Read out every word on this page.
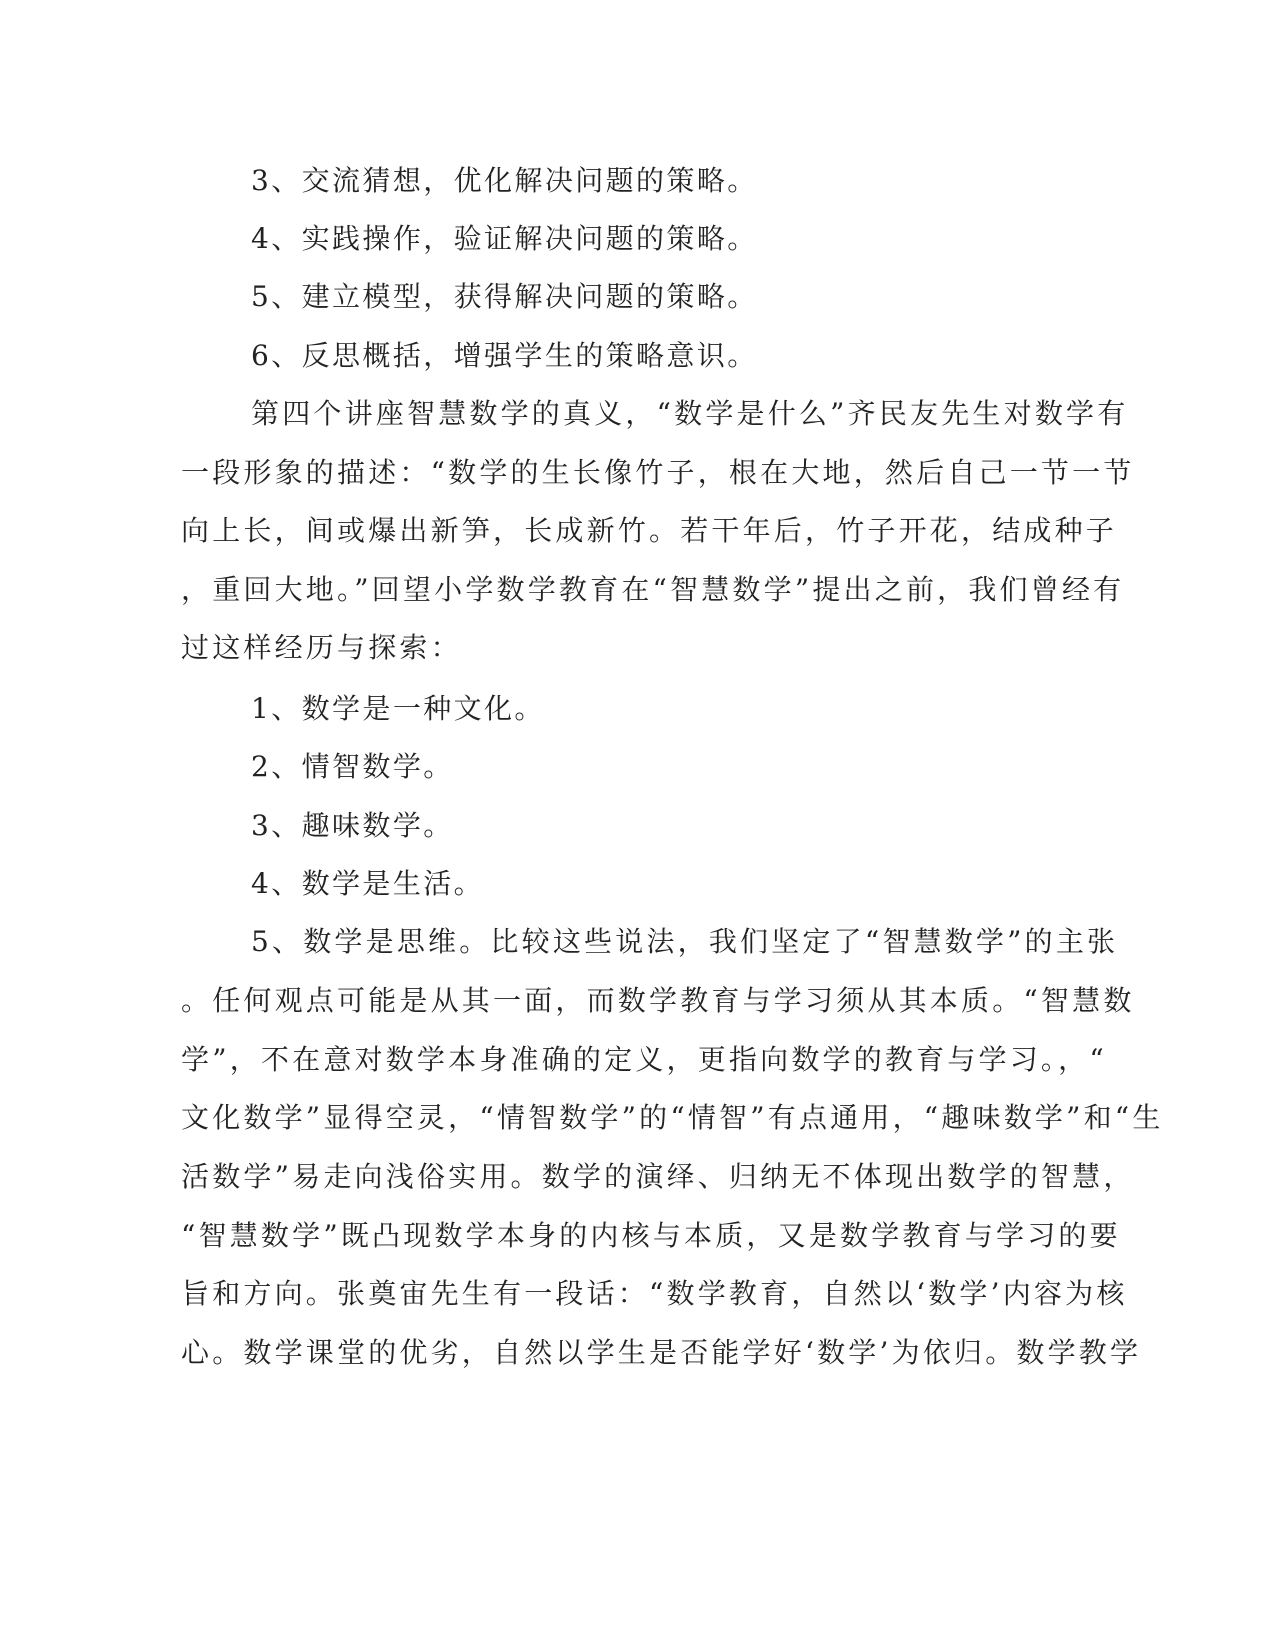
3、交流猜想，优化解决问题的策略。
4、实践操作，验证解决问题的策略。
5、建立模型，获得解决问题的策略。
6、反思概括，增强学生的策略意识。
第四个讲座智慧数学的真义，“数学是什么”齐民友先生对数学有
一段形象的描述：“数学的生长像竹子，根在大地，然后自己一节一节
向上长，间或爆出新笋，长成新竹。若干年后，竹子开花，结成种子
，重回大地。”回望小学数学教育在“智慧数学”提出之前，我们曾经有
过这样经历与探索：
1、数学是一种文化。
2、情智数学。
3、趣味数学。
4、数学是生活。
5、数学是思维。比较这些说法，我们坚定了“智慧数学”的主张
。任何观点可能是从其一面，而数学教育与学习须从其本质。“智慧数
学”，不在意对数学本身准确的定义，更指向数学的教育与学习。，“
文化数学”显得空灵，“情智数学”的“情智”有点通用，“趣味数学”和“生
活数学”易走向浅俗实用。数学的演绎、归纳无不体现出数学的智慧，
“智慧数学”既凸现数学本身的内核与本质，又是数学教育与学习的要
旨和方向。张奠宙先生有一段话：“数学教育，自然以‘数学’内容为核
心。数学课堂的优劣，自然以学生是否能学好‘数学’为依归。数学教学
